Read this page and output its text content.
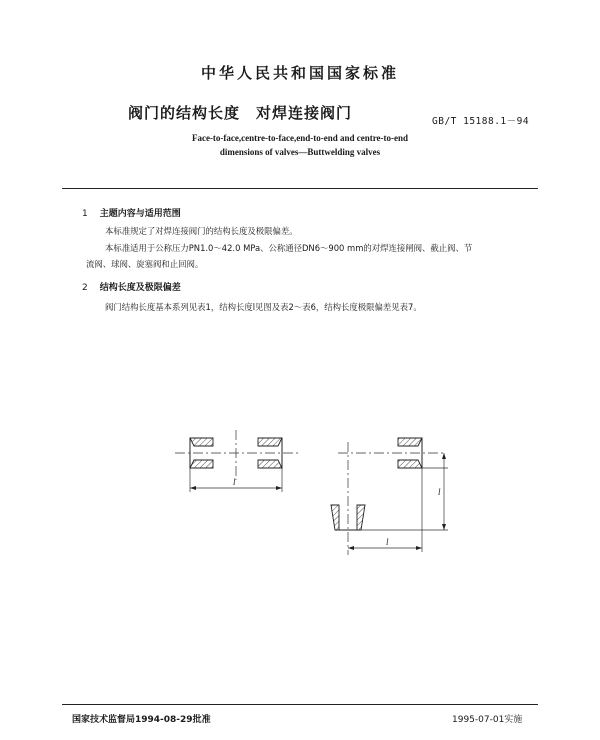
中华人民共和国国家标准
阀门的结构长度　对焊连接阀门	GB/T 15188.1－94
Face-to-face,centre-to-face,end-to-end and centre-to-end
dimensions of valves—Buttwelding valves
1 主题内容与适用范围
本标准规定了对焊连接阀门的结构长度及极限偏差。
本标准适用于公称压力PN1.0～42.0 MPa、公称通径DN6～900 mm的对焊连接闸阀、截止阀、节
流阀、球阀、旋塞阀和止回阀。
2 结构长度及极限偏差
阀门结构长度基本系列见表1，结构长度l见图及表2～表6，结构长度极限偏差见表7。
l
l
l
国家技术监督局1994-08-29批准	1995-07-01实施
